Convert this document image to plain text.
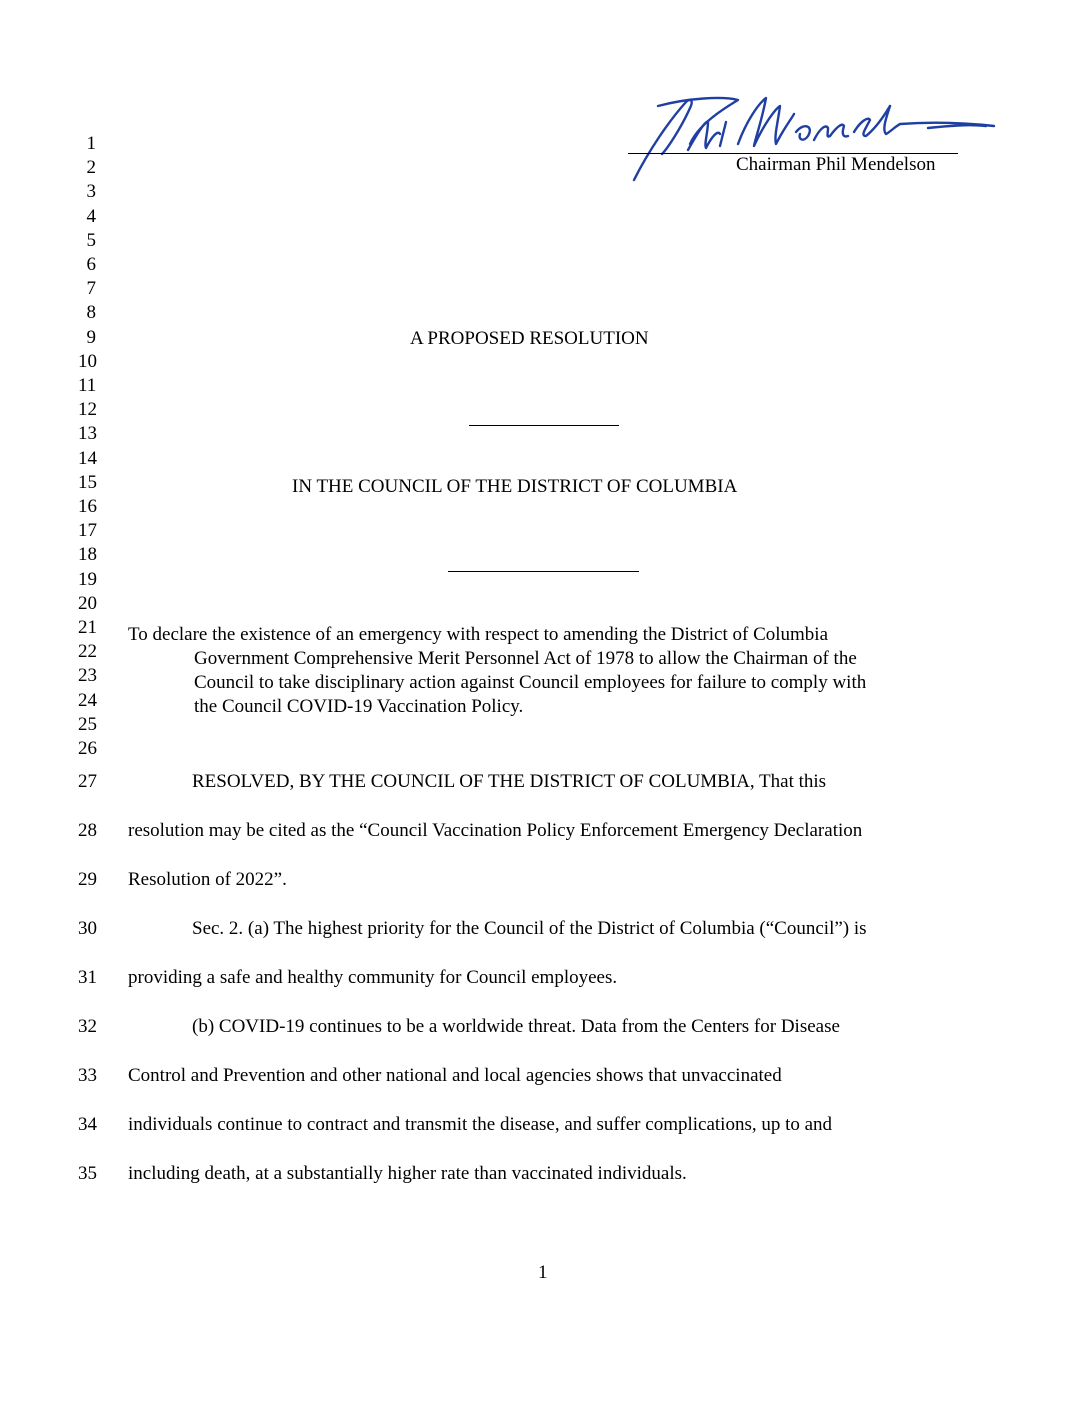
Chairman Phil Mendelson
1
2
3
4
5
6
7
8
9
10
11
12
13
14
15
16
17
18
19
20
21
22
23
24
25
26
27
28
29
30
31
32
33
34
35
A PROPOSED RESOLUTION
IN THE COUNCIL OF THE DISTRICT OF COLUMBIA
To declare the existence of an emergency with respect to amending the District of Columbia
Government Comprehensive Merit Personnel Act of 1978 to allow the Chairman of the
Council to take disciplinary action against Council employees for failure to comply with
the Council COVID-19 Vaccination Policy.
RESOLVED, BY THE COUNCIL OF THE DISTRICT OF COLUMBIA, That this
resolution may be cited as the “Council Vaccination Policy Enforcement Emergency Declaration
Resolution of 2022”.
Sec. 2. (a) The highest priority for the Council of the District of Columbia (“Council”) is
providing a safe and healthy community for Council employees.
(b) COVID-19 continues to be a worldwide threat. Data from the Centers for Disease
Control and Prevention and other national and local agencies shows that unvaccinated
individuals continue to contract and transmit the disease, and suffer complications, up to and
including death, at a substantially higher rate than vaccinated individuals.
1
